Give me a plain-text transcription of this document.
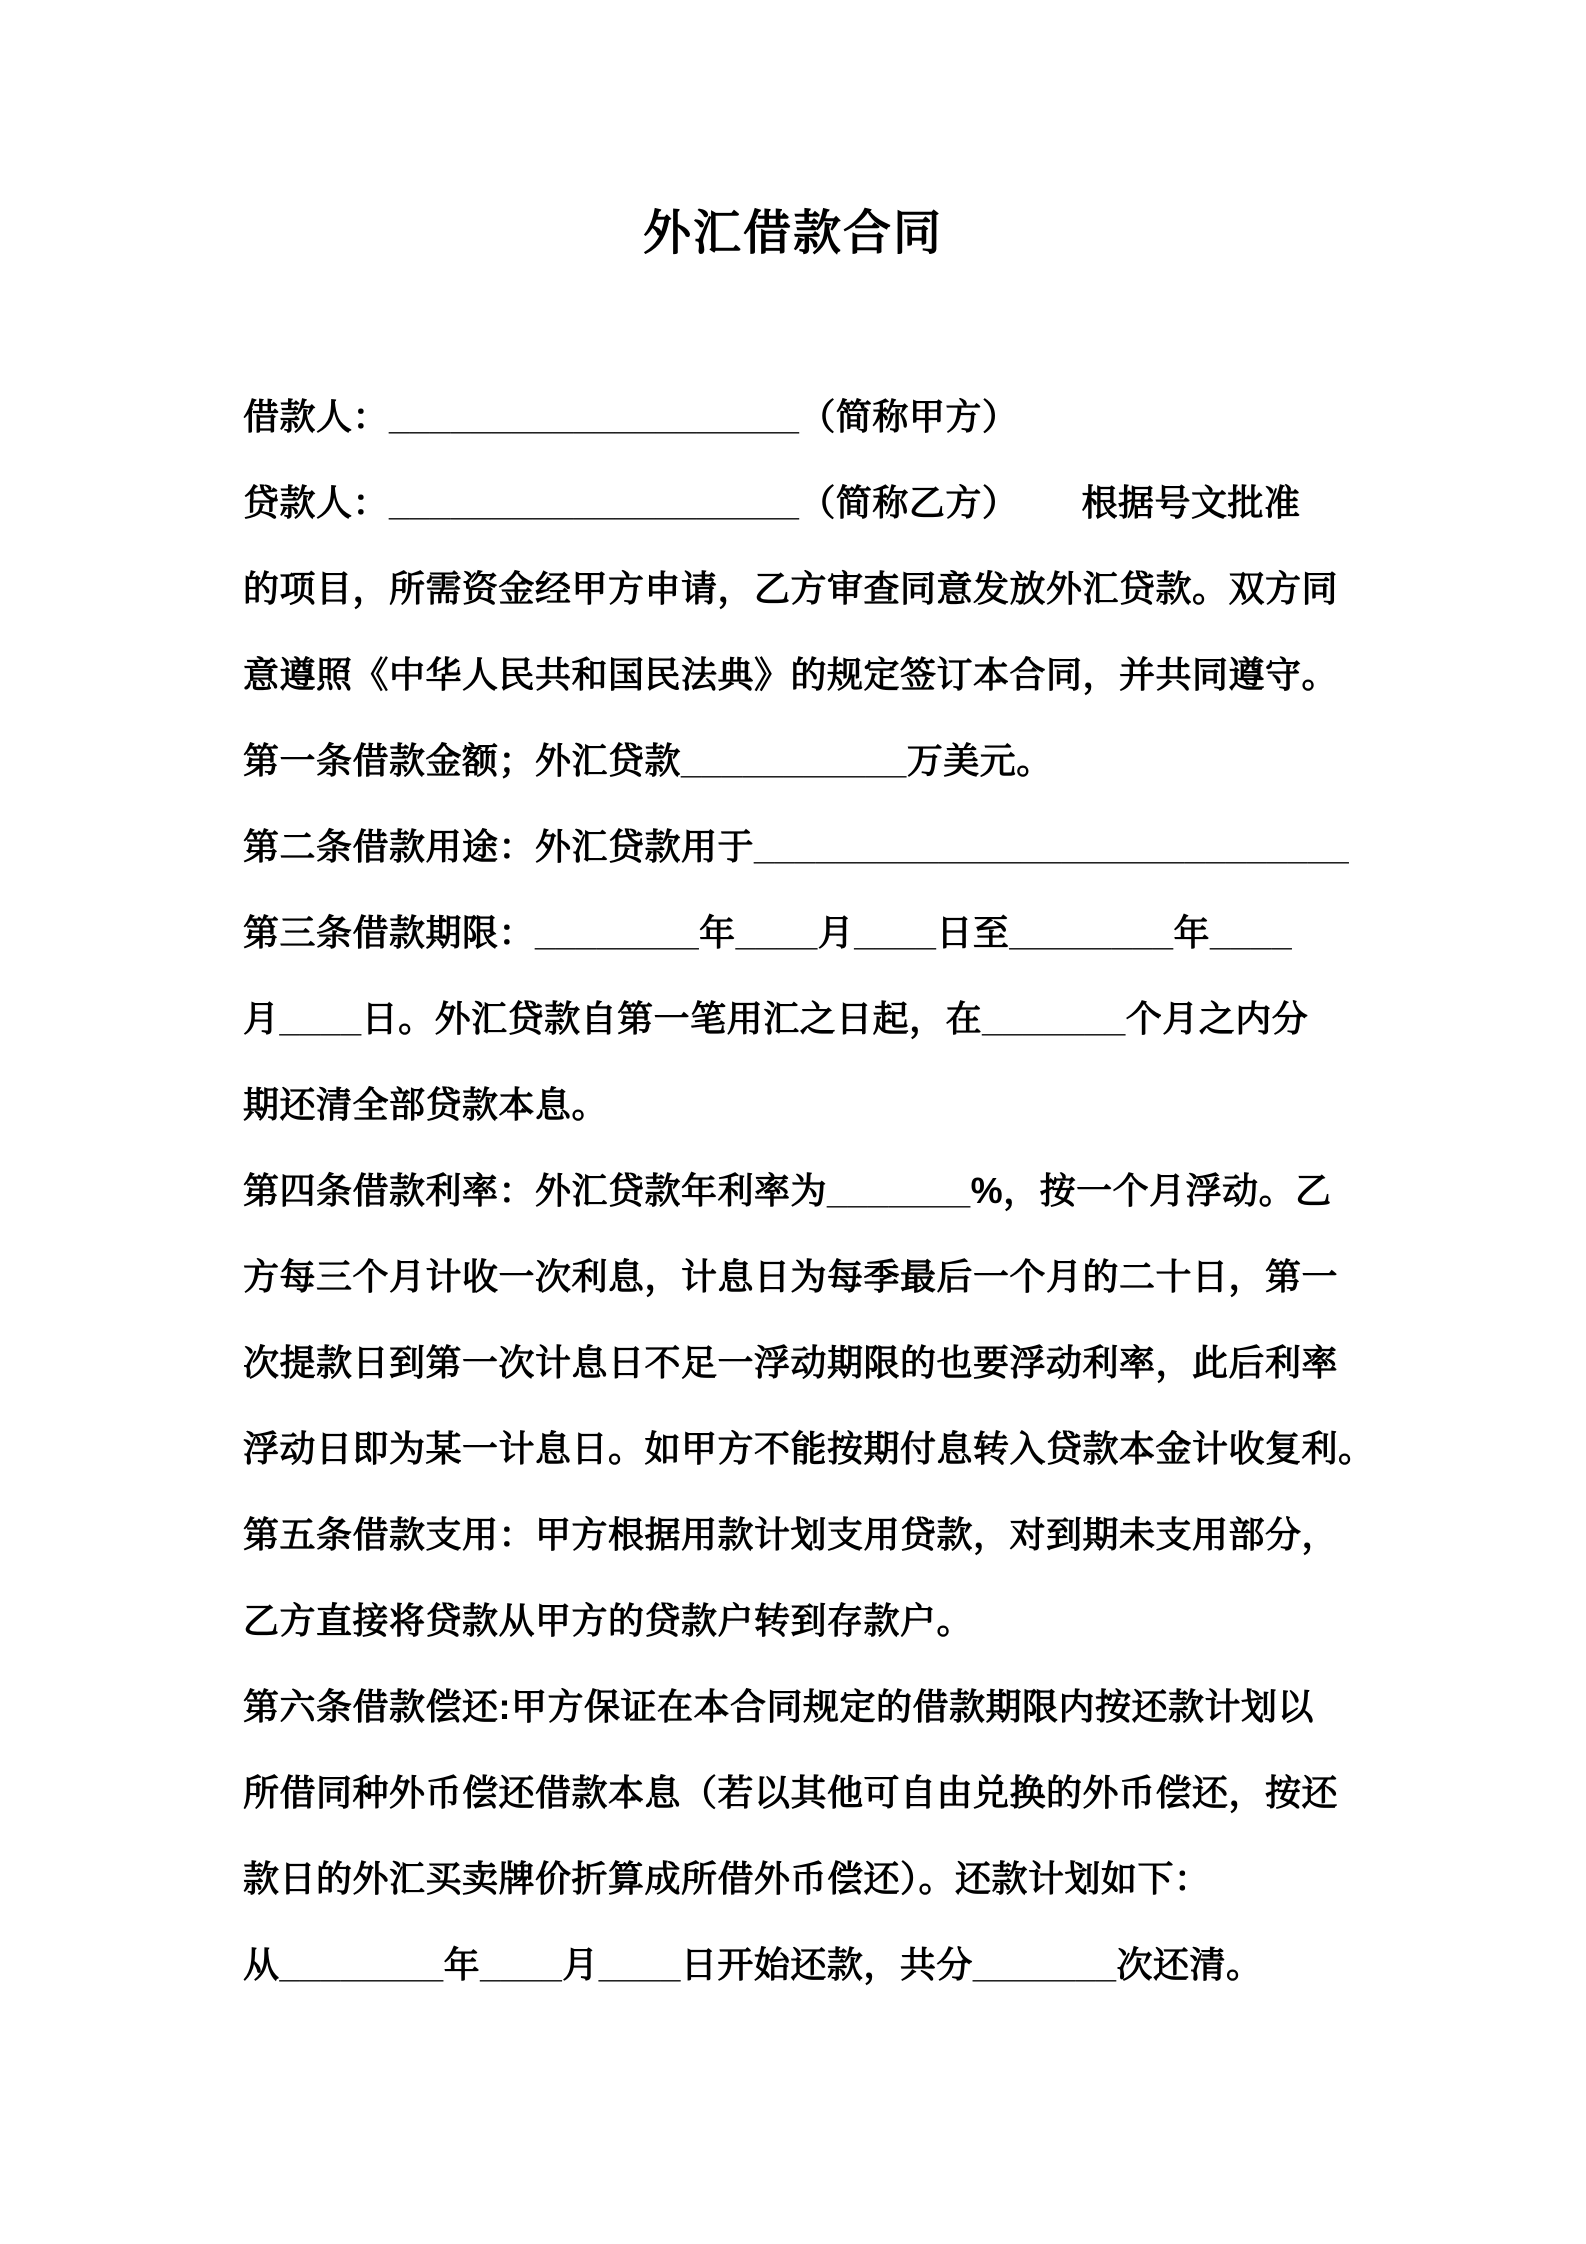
外汇借款合同
借款人：____________________（简称甲方）
贷款人：____________________（简称乙方）      根据号文批准
的项目，所需资金经甲方申请，乙方审查同意发放外汇贷款。双方同
意遵照《中华人民共和国民法典》的规定签订本合同，并共同遵守。
第一条借款金额；外汇贷款___________万美元。
第二条借款用途：外汇贷款用于_____________________________
第三条借款期限：________年____月____日至________年____
月____日。外汇贷款自第一笔用汇之日起，在_______个月之内分
期还清全部贷款本息。
第四条借款利率：外汇贷款年利率为_______%，按一个月浮动。乙
方每三个月计收一次利息，计息日为每季最后一个月的二十日，第一
次提款日到第一次计息日不足一浮动期限的也要浮动利率，此后利率
浮动日即为某一计息日。如甲方不能按期付息转入贷款本金计收复利。
第五条借款支用：甲方根据用款计划支用贷款，对到期未支用部分，
乙方直接将贷款从甲方的贷款户转到存款户。
第六条借款偿还:甲方保证在本合同规定的借款期限内按还款计划以
所借同种外币偿还借款本息（若以其他可自由兑换的外币偿还，按还
款日的外汇买卖牌价折算成所借外币偿还）。还款计划如下：
从________年____月____日开始还款，共分_______次还清。
